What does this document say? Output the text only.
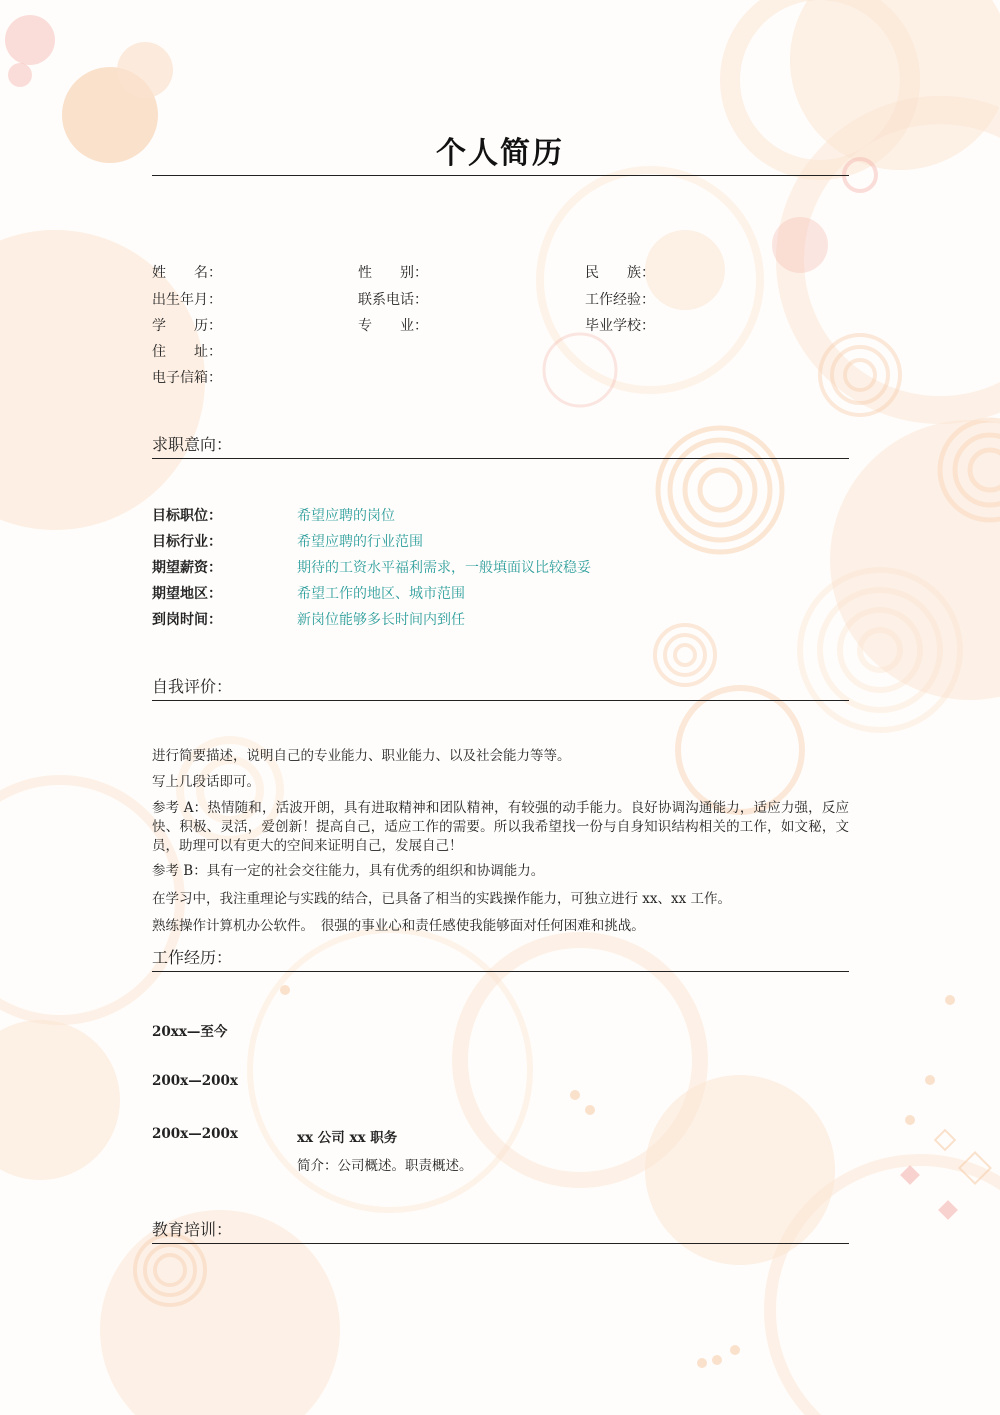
个人简历
姓　　名：	性　　别：	民　　族：
出生年月：	联系电话：	工作经验：
学　　历：	专　　业：	毕业学校：
住　　址：
电子信箱：
求职意向：
目标职位：	希望应聘的岗位
目标行业：	希望应聘的行业范围
期望薪资：	期待的工资水平福利需求，一般填面议比较稳妥
期望地区：	希望工作的地区、城市范围
到岗时间：	新岗位能够多长时间内到任
自我评价：
进行简要描述，说明自己的专业能力、职业能力、以及社会能力等等。
写上几段话即可。
参考 A：热情随和，活波开朗，具有进取精神和团队精神，有较强的动手能力。良好协调沟通能力，适应力强，反应快、积极、灵活，爱创新！提高自己，适应工作的需要。所以我希望找一份与自身知识结构相关的工作，如文秘，文员，助理可以有更大的空间来证明自己，发展自己！
参考 B：具有一定的社会交往能力，具有优秀的组织和协调能力。
在学习中，我注重理论与实践的结合，已具备了相当的实践操作能力，可独立进行 xx、xx 工作。
熟练操作计算机办公软件。　很强的事业心和责任感使我能够面对任何困难和挑战。
工作经历：
20xx—至今
200x—200x
200x—200x	xx 公司 xx 职务
简介：公司概述。职责概述。
教育培训：
